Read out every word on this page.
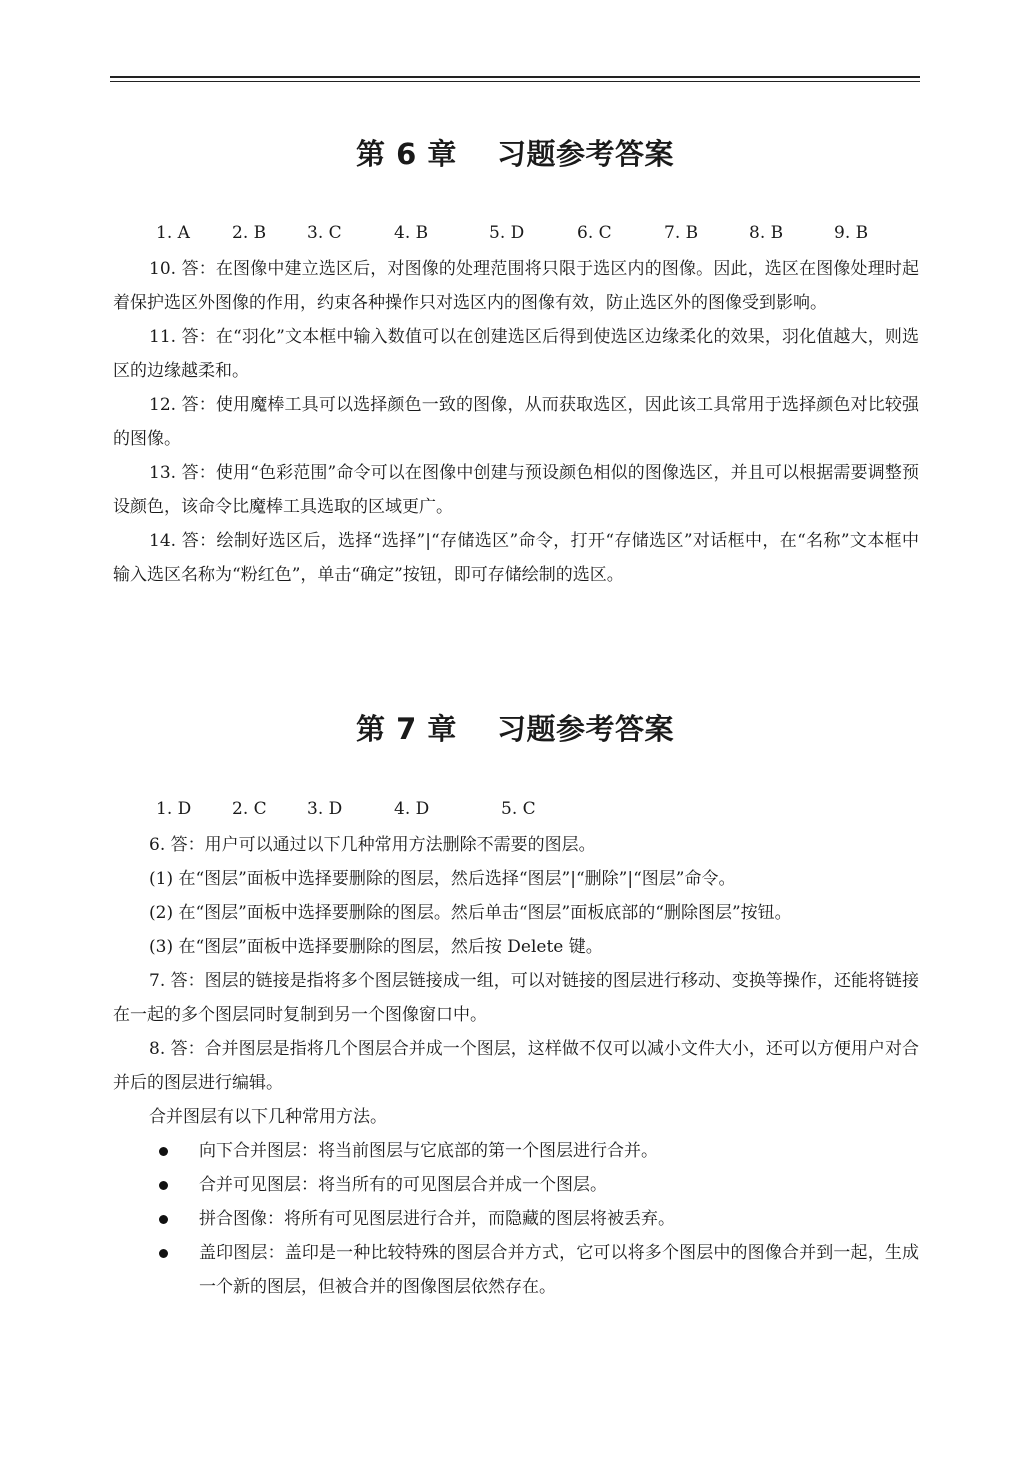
第 6 章　 习题参考答案
1. A 2. B 3. C	4. B	5. D	6. C	7. B	8. B	9. B

10. 答：在图像中建立选区后，对图像的处理范围将只限于选区内的图像。因此，选区在图像处理时起着保护选区外图像的作用，约束各种操作只对选区内的图像有效，防止选区外的图像受到影响。

11. 答：在“羽化”文本框中输入数值可以在创建选区后得到使选区边缘柔化的效果，羽化值越大，则选区的边缘越柔和。

12. 答：使用魔棒工具可以选择颜色一致的图像，从而获取选区，因此该工具常用于选择颜色对比较强的图像。

13. 答：使用“色彩范围”命令可以在图像中创建与预设颜色相似的图像选区，并且可以根据需要调整预设颜色，该命令比魔棒工具选取的区域更广。

14. 答：绘制好选区后，选择“选择”|“存储选区”命令，打开“存储选区”对话框中，在“名称”文本框中输入选区名称为“粉红色”，单击“确定”按钮，即可存储绘制的选区。

第 7 章　 习题参考答案
1. D 2. C 3. D	4. D	5. C

6. 答：用户可以通过以下几种常用方法删除不需要的图层。

(1) 在“图层”面板中选择要删除的图层，然后选择“图层”|“删除”|“图层”命令。

(2) 在“图层”面板中选择要删除的图层。然后单击“图层”面板底部的“删除图层”按钮。

(3) 在“图层”面板中选择要删除的图层，然后按 Delete 键。

7. 答：图层的链接是指将多个图层链接成一组，可以对链接的图层进行移动、变换等操作，还能将链接在一起的多个图层同时复制到另一个图像窗口中。

8. 答：合并图层是指将几个图层合并成一个图层，这样做不仅可以减小文件大小，还可以方便用户对合并后的图层进行编辑。

合并图层有以下几种常用方法。

向下合并图层：将当前图层与它底部的第一个图层进行合并。
合并可见图层：将当所有的可见图层合并成一个图层。
拼合图像：将所有可见图层进行合并，而隐藏的图层将被丢弃。
盖印图层：盖印是一种比较特殊的图层合并方式，它可以将多个图层中的图像合并到一起，生成一个新的图层，但被合并的图像图层依然存在。
